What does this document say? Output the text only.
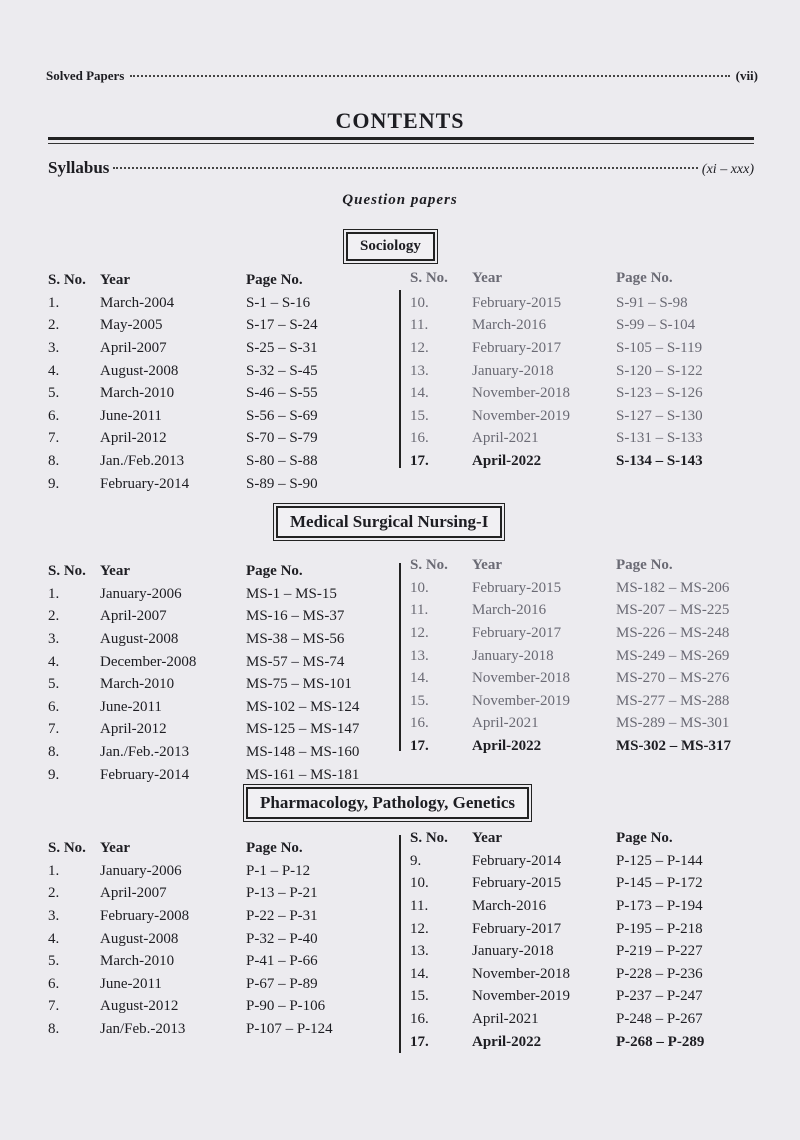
Solved Papers	(vii)
CONTENTS
Syllabus	(xi – xxx)
Question papers
Sociology
S. No. Year	Page No.
1.	March-2004	S-1 – S-16
2.	May-2005	S-17 – S-24
3.	April-2007	S-25 – S-31
4.	August-2008	S-32 – S-45
5.	March-2010	S-46 – S-55
6.	June-2011	S-56 – S-69
7.	April-2012	S-70 – S-79
8.	Jan./Feb.2013	S-80 – S-88
9.	February-2014	S-89 – S-90
S. No.	Year	Page No.
10.	February-2015	S-91 – S-98
11.	March-2016	S-99 – S-104
12.	February-2017	S-105 – S-119
13.	January-2018	S-120 – S-122
14.	November-2018	S-123 – S-126
15.	November-2019	S-127 – S-130
16.	April-2021	S-131 – S-133
17.	April-2022	S-134 – S-143
Medical Surgical Nursing-I
S. No. Year	Page No.
1.	January-2006	MS-1 – MS-15
2.	April-2007	MS-16 – MS-37
3.	August-2008	MS-38 – MS-56
4.	December-2008	MS-57 – MS-74
5.	March-2010	MS-75 – MS-101
6.	June-2011	MS-102 – MS-124
7.	April-2012	MS-125 – MS-147
8.	Jan./Feb.-2013	MS-148 – MS-160
9.	February-2014	MS-161 – MS-181
S. No.	Year	Page No.
10.	February-2015	MS-182 – MS-206
11.	March-2016	MS-207 – MS-225
12.	February-2017	MS-226 – MS-248
13.	January-2018	MS-249 – MS-269
14.	November-2018	MS-270 – MS-276
15.	November-2019	MS-277 – MS-288
16.	April-2021	MS-289 – MS-301
17.	April-2022	MS-302 – MS-317
Pharmacology, Pathology, Genetics
S. No. Year	Page No.
1.	January-2006	P-1 – P-12
2.	April-2007	P-13 – P-21
3.	February-2008	P-22 – P-31
4.	August-2008	P-32 – P-40
5.	March-2010	P-41 – P-66
6.	June-2011	P-67 – P-89
7.	August-2012	P-90 – P-106
8.	Jan/Feb.-2013	P-107 – P-124
S. No.	Year	Page No.
9.	February-2014	P-125 – P-144
10.	February-2015	P-145 – P-172
11.	March-2016	P-173 – P-194
12.	February-2017	P-195 – P-218
13.	January-2018	P-219 – P-227
14.	November-2018	P-228 – P-236
15.	November-2019	P-237 – P-247
16.	April-2021	P-248 – P-267
17.	April-2022	P-268 – P-289
